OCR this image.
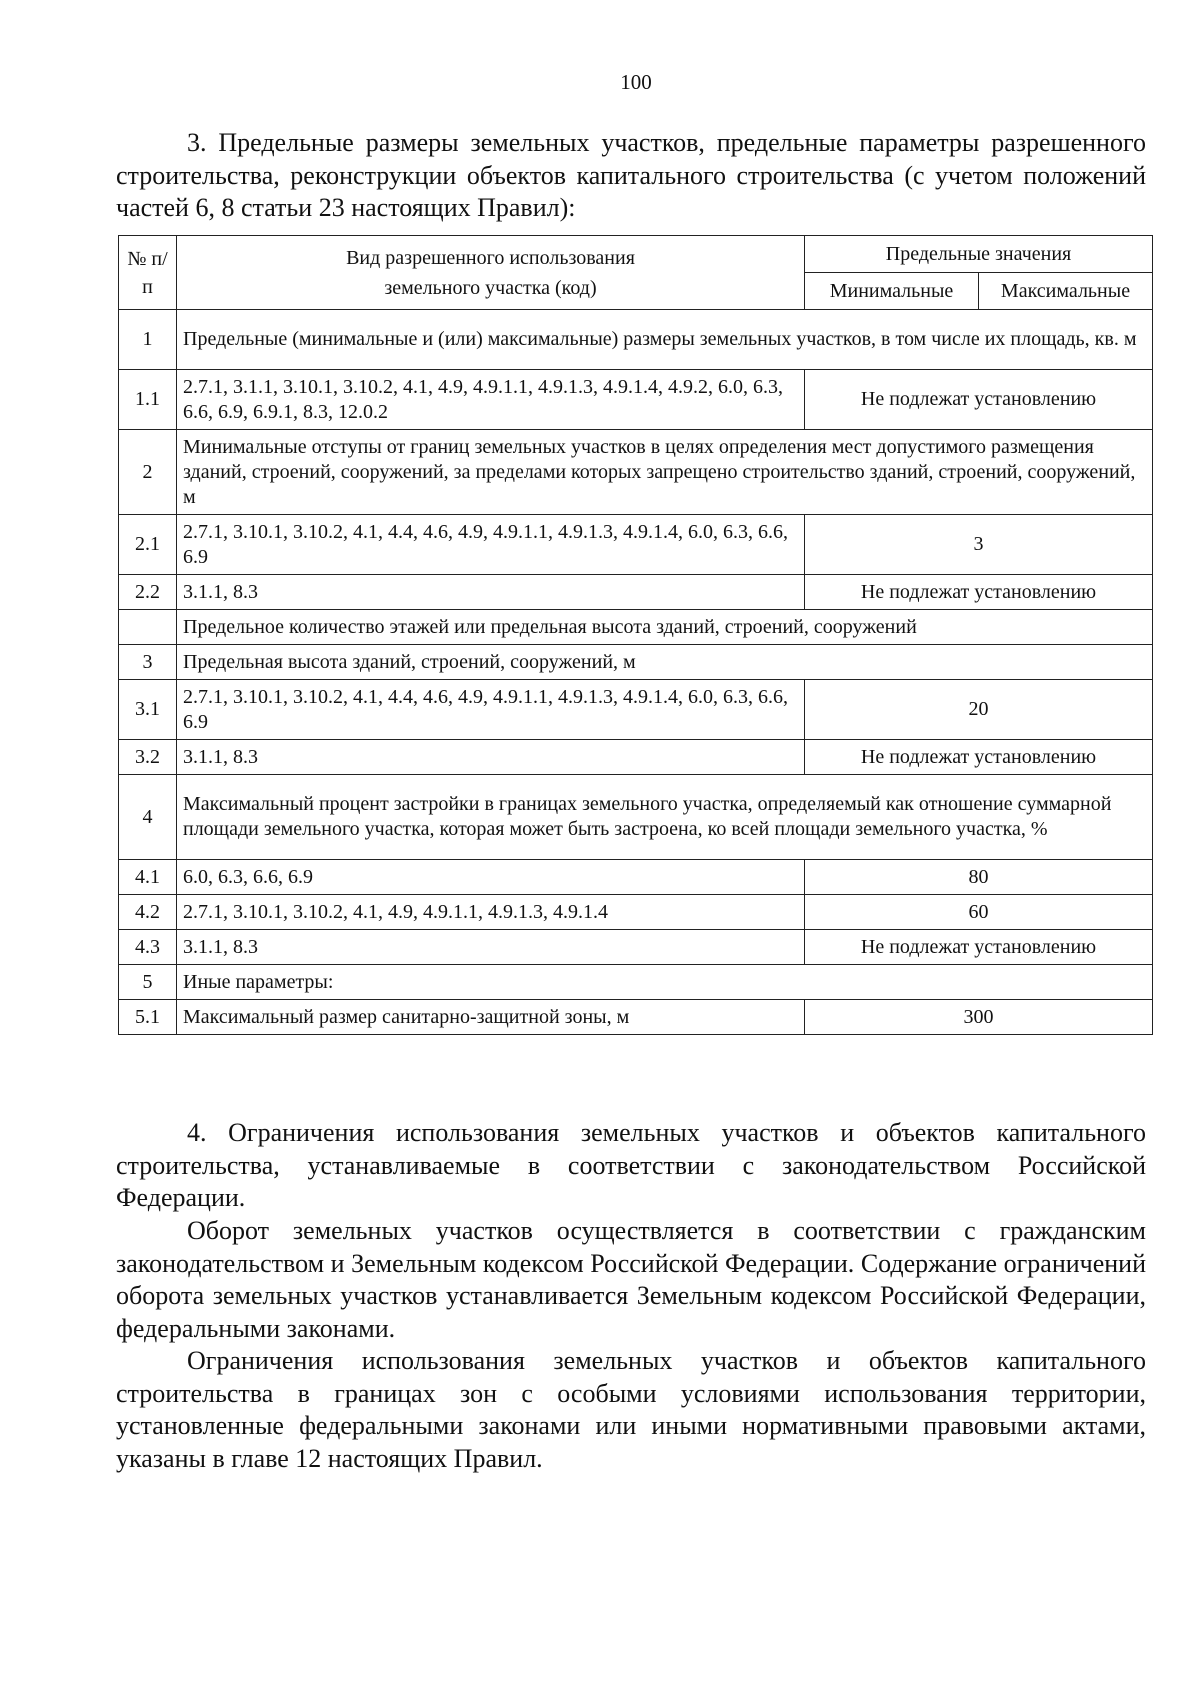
100

3. Предельные размеры земельных участков, предельные параметры разрешенного строительства, реконструкции объектов капитального строительства (с учетом положений частей 6, 8 статьи 23 настоящих Правил):

№ п/п	Вид разрешенного использования земельного участка (код)	Предельные значения	
		Минимальные	Максимальные
1	Предельные (минимальные и (или) максимальные) размеры земельных участков, в том числе их площадь, кв. м		
1.1	2.7.1, 3.1.1, 3.10.1, 3.10.2, 4.1, 4.9, 4.9.1.1, 4.9.1.3, 4.9.1.4, 4.9.2, 6.0, 6.3, 6.6, 6.9, 6.9.1, 8.3, 12.0.2	Не подлежат установлению	
2	Минимальные отступы от границ земельных участков в целях определения мест допустимого размещения зданий, строений, сооружений, за пределами которых запрещено строительство зданий, строений, сооружений, м		
2.1	2.7.1, 3.10.1, 3.10.2, 4.1, 4.4, 4.6, 4.9, 4.9.1.1, 4.9.1.3, 4.9.1.4, 6.0, 6.3, 6.6, 6.9	3	
2.2	3.1.1, 8.3	Не подлежат установлению	
	Предельное количество этажей или предельная высота зданий, строений, сооружений		
3	Предельная высота зданий, строений, сооружений, м		
3.1	2.7.1, 3.10.1, 3.10.2, 4.1, 4.4, 4.6, 4.9, 4.9.1.1, 4.9.1.3, 4.9.1.4, 6.0, 6.3, 6.6, 6.9	20	
3.2	3.1.1, 8.3	Не подлежат установлению	
4	Максимальный процент застройки в границах земельного участка, определяемый как отношение суммарной площади земельного участка, которая может быть застроена, ко всей площади земельного участка, %		
4.1	6.0, 6.3, 6.6, 6.9	80	
4.2	2.7.1, 3.10.1, 3.10.2, 4.1, 4.9, 4.9.1.1, 4.9.1.3, 4.9.1.4	60	
4.3	3.1.1, 8.3	Не подлежат установлению	
5	Иные параметры:		
5.1	Максимальный размер санитарно-защитной зоны, м	300	

4. Ограничения использования земельных участков и объектов капитального строительства, устанавливаемые в соответствии с законодательством Российской Федерации.

Оборот земельных участков осуществляется в соответствии с гражданским законодательством и Земельным кодексом Российской Федерации. Содержание ограничений оборота земельных участков устанавливается Земельным кодексом Российской Федерации, федеральными законами.

Ограничения использования земельных участков и объектов капитального строительства в границах зон с особыми условиями использования территории, установленные федеральными законами или иными нормативными правовыми актами, указаны в главе 12 настоящих Правил.
